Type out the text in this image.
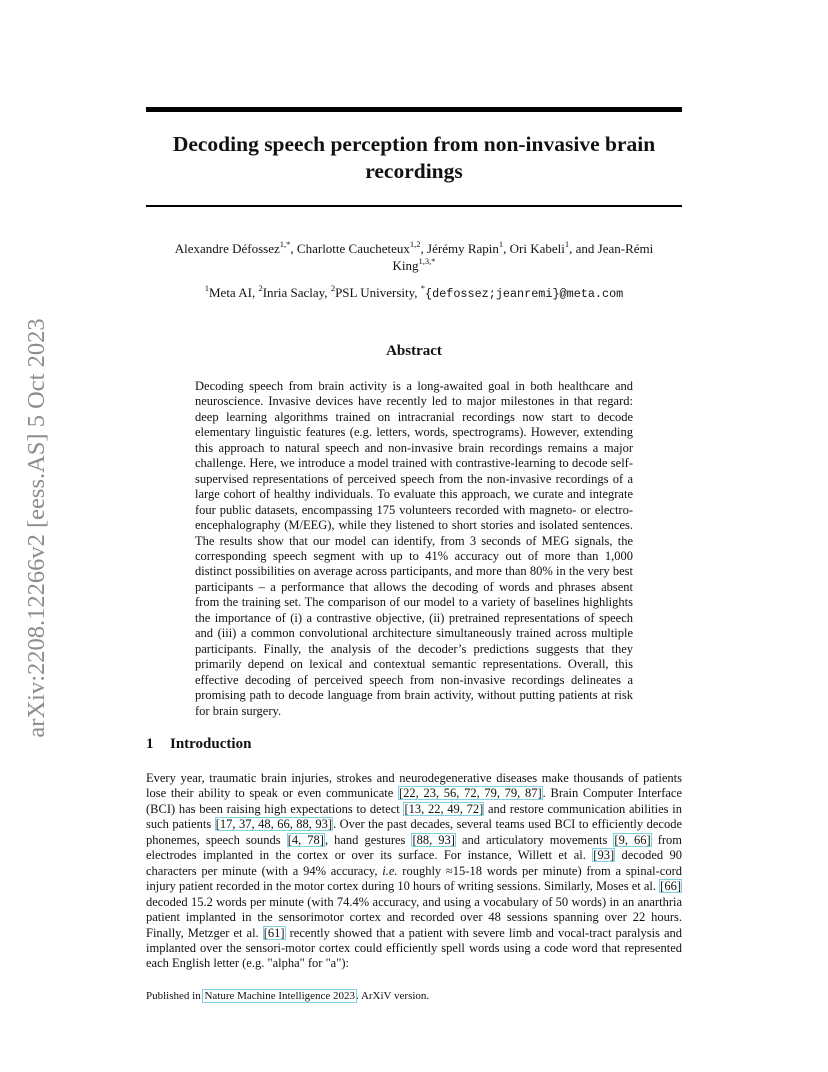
arXiv:2208.12266v2 [eess.AS] 5 Oct 2023
Decoding speech perception from non-invasive brain recordings
Alexandre Défossez$^{1,*}$, Charlotte Caucheteux$^{1,2}$, Jérémy Rapin$^1$, Ori Kabeli$^1$, and Jean-Rémi King$^{1,3,*}$
$^1$Meta AI, $^2$Inria Saclay, $^2$PSL University, *{defossez;jeanremi}@meta.com
Abstract
Decoding speech from brain activity is a long-awaited goal in both healthcare and neuroscience. Invasive devices have recently led to major milestones in that regard: deep learning algorithms trained on intracranial recordings now start to decode elementary linguistic features (e.g. letters, words, spectrograms). However, extending this approach to natural speech and non-invasive brain recordings remains a major challenge. Here, we introduce a model trained with contrastive-learning to decode self-supervised representations of perceived speech from the non-invasive recordings of a large cohort of healthy individuals. To evaluate this approach, we curate and integrate four public datasets, encompassing 175 volunteers recorded with magneto- or electro-encephalography (M/EEG), while they listened to short stories and isolated sentences. The results show that our model can identify, from 3 seconds of MEG signals, the corresponding speech segment with up to 41% accuracy out of more than 1,000 distinct possibilities on average across participants, and more than 80% in the very best participants – a performance that allows the decoding of words and phrases absent from the training set. The comparison of our model to a variety of baselines highlights the importance of (i) a contrastive objective, (ii) pretrained representations of speech and (iii) a common convolutional architecture simultaneously trained across multiple participants. Finally, the analysis of the decoder’s predictions suggests that they primarily depend on lexical and contextual semantic representations. Overall, this effective decoding of perceived speech from non-invasive recordings delineates a promising path to decode language from brain activity, without putting patients at risk for brain surgery.
1 Introduction
Every year, traumatic brain injuries, strokes and neurodegenerative diseases make thousands of patients lose their ability to speak or even communicate [22, 23, 56, 72, 79, 79, 87]. Brain Computer Interface (BCI) has been raising high expectations to detect [13, 22, 49, 72] and restore communication abilities in such patients [17, 37, 48, 66, 88, 93]. Over the past decades, several teams used BCI to efficiently decode phonemes, speech sounds [4, 78], hand gestures [88, 93] and articulatory movements [9, 66] from electrodes implanted in the cortex or over its surface. For instance, Willett et al. [93] decoded 90 characters per minute (with a 94% accuracy, i.e. roughly ≈15-18 words per minute) from a spinal-cord injury patient recorded in the motor cortex during 10 hours of writing sessions. Similarly, Moses et al. [66] decoded 15.2 words per minute (with 74.4% accuracy, and using a vocabulary of 50 words) in an anarthria patient implanted in the sensorimotor cortex and recorded over 48 sessions spanning over 22 hours. Finally, Metzger et al. [61] recently showed that a patient with severe limb and vocal-tract paralysis and implanted over the sensori-motor cortex could efficiently spell words using a code word that represented each English letter (e.g. "alpha" for "a"):
Published in Nature Machine Intelligence 2023. ArXiV version.
